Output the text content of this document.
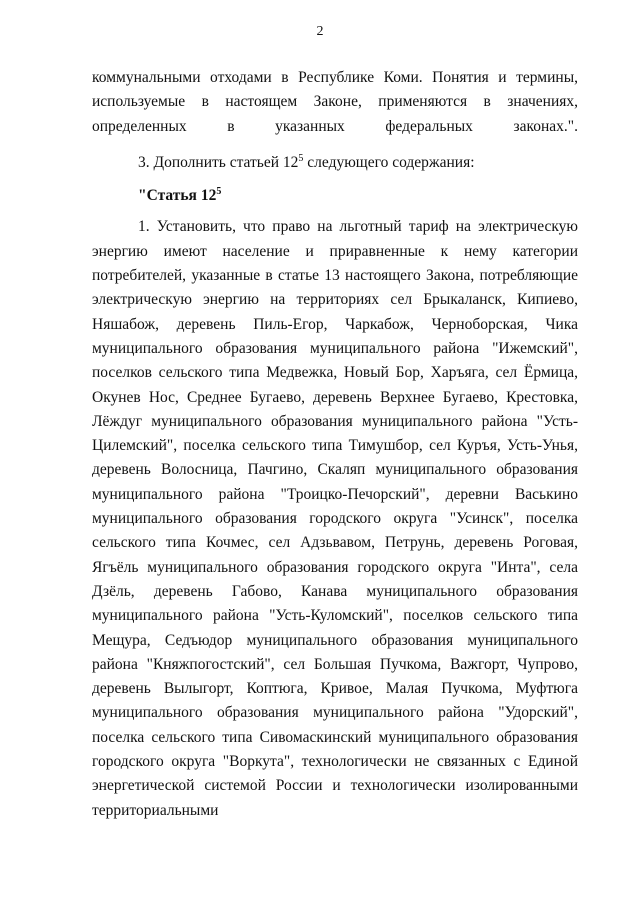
2

коммунальными отходами в Республике Коми. Понятия и термины, используемые в настоящем Законе, применяются в значениях, определенных в указанных федеральных законах.".

3. Дополнить статьей $12^5$ следующего содержания:

"Статья $12^5$

1. Установить, что право на льготный тариф на электрическую энергию имеют население и приравненные к нему категории потребителей, указанные в статье 13 настоящего Закона, потребляющие электрическую энергию на территориях сел Брыкаланск, Кипиево, Няшабож, деревень Пиль-Егор, Чаркабож, Черноборская, Чика муниципального образования муниципального района "Ижемский", поселков сельского типа Медвежка, Новый Бор, Харъяга, сел Ёрмица, Окунев Нос, Среднее Бугаево, деревень Верхнее Бугаево, Крестовка, Лёждуг муниципального образования муниципального района "Усть-Цилемский", поселка сельского типа Тимушбор, сел Куръя, Усть-Унья, деревень Волосница, Пачгино, Скаляп муниципального образования муниципального района "Троицко-Печорский", деревни Васькино муниципального образования городского округа "Усинск", поселка сельского типа Кочмес, сел Адзьвавом, Петрунь, деревень Роговая, Ягъёль муниципального образования городского округа "Инта", села Дзёль, деревень Габово, Канава муниципального образования муниципального района "Усть-Куломский", поселков сельского типа Мещура, Седъюдор муниципального образования муниципального района "Княжпогостский", сел Большая Пучкома, Важгорт, Чупрово, деревень Вылыгорт, Коптюга, Кривое, Малая Пучкома, Муфтюга муниципального образования муниципального района "Удорский", поселка сельского типа Сивомаскинский муниципального образования городского округа "Воркута", технологически не связанных с Единой энергетической системой России и технологически изолированными территориальными
